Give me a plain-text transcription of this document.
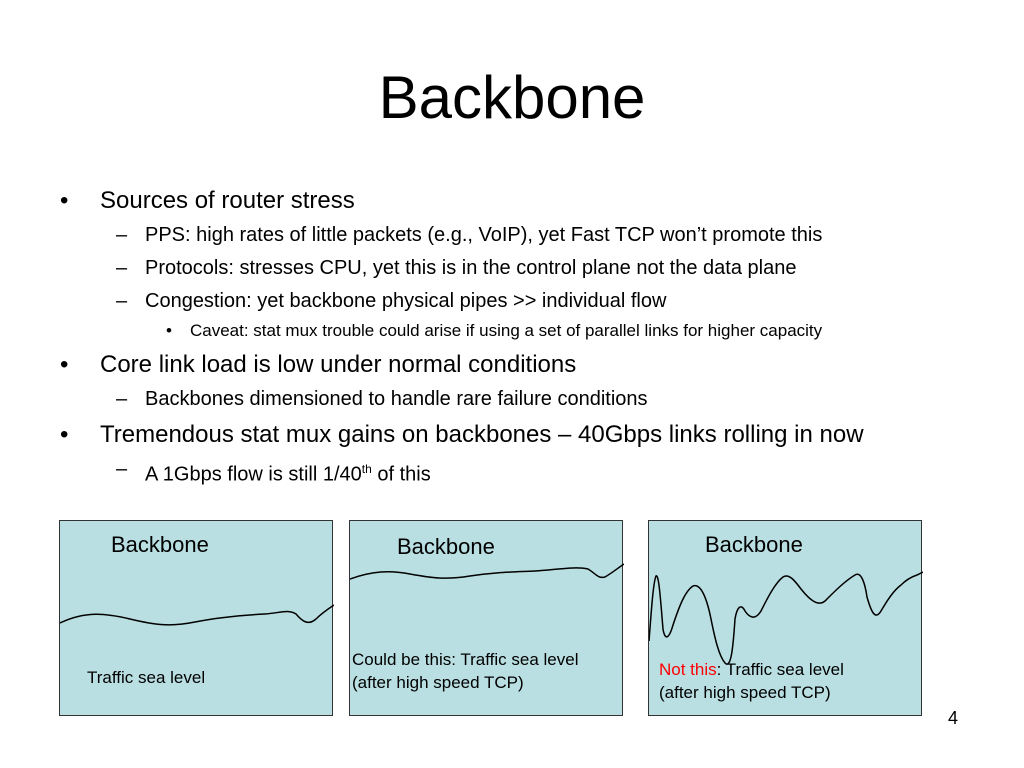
Backbone
• Sources of router stress
– PPS: high rates of little packets (e.g., VoIP), yet Fast TCP won’t promote this
– Protocols: stresses CPU, yet this is in the control plane not the data plane
– Congestion: yet backbone physical pipes >> individual flow
• Caveat: stat mux trouble could arise if using a set of parallel links for higher capacity
• Core link load is low under normal conditions
– Backbones dimensioned to handle rare failure conditions
• Tremendous stat mux gains on backbones – 40Gbps links rolling in now
– A 1Gbps flow is still 1/40th of this
Backbone
Traffic sea level
Backbone
Could be this: Traffic sea level
(after high speed TCP)
Backbone
Not this: Traffic sea level
(after high speed TCP)
4
